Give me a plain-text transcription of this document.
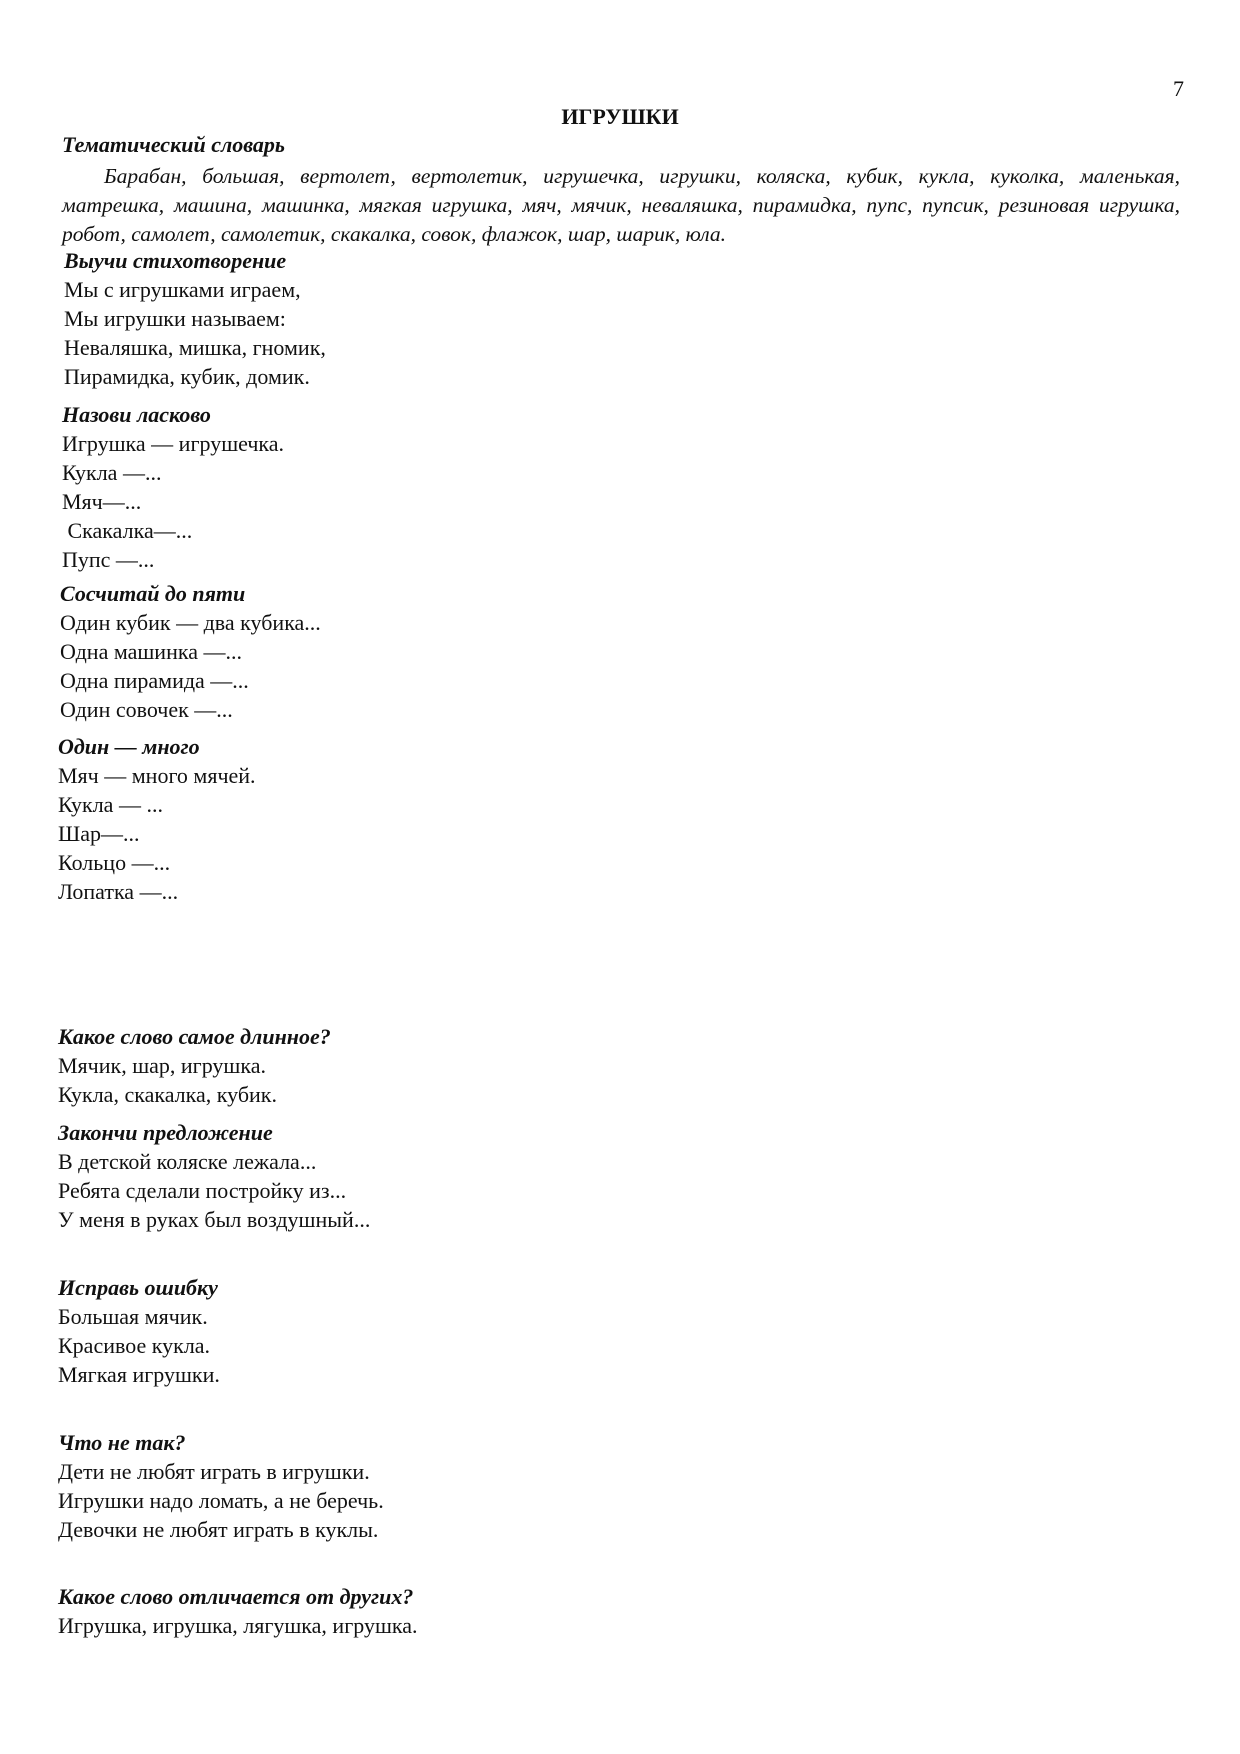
7
ИГРУШКИ
Тематический словарь
Барабан, большая, вертолет, вертолетик, игрушечка, игрушки, коляска, кубик, кукла, куколка, маленькая, матрешка, машина, машинка, мягкая игрушка, мяч, мячик, неваляшка, пирамидка, пупс, пупсик, резиновая игрушка, робот, самолет, самолетик, скакалка, совок, флажок, шар, шарик, юла.
Выучи стихотворение
Мы с игрушками играем,
Мы игрушки называем:
Неваляшка, мишка, гномик,
Пирамидка, кубик, домик.
Назови ласково
Игрушка — игрушечка.
Кукла —...
Мяч—...
Скакалка—...
Пупс —...
Сосчитай до пяти
Один кубик — два кубика...
Одна машинка —...
Одна пирамида —...
Один совочек —...
Один — много
Мяч — много мячей.
Кукла — ...
Шар—...
Кольцо —...
Лопатка —...
Какое слово самое длинное?
Мячик, шар, игрушка.
Кукла, скакалка, кубик.
Закончи предложение
В детской коляске лежала...
Ребята сделали постройку из...
У меня в руках был воздушный...
Исправь ошибку
Большая мячик.
Красивое кукла.
Мягкая игрушки.
Что не так?
Дети не любят играть в игрушки.
Игрушки надо ломать, а не беречь.
Девочки не любят играть в куклы.
Какое слово отличается от других?
Игрушка, игрушка, лягушка, игрушка.
